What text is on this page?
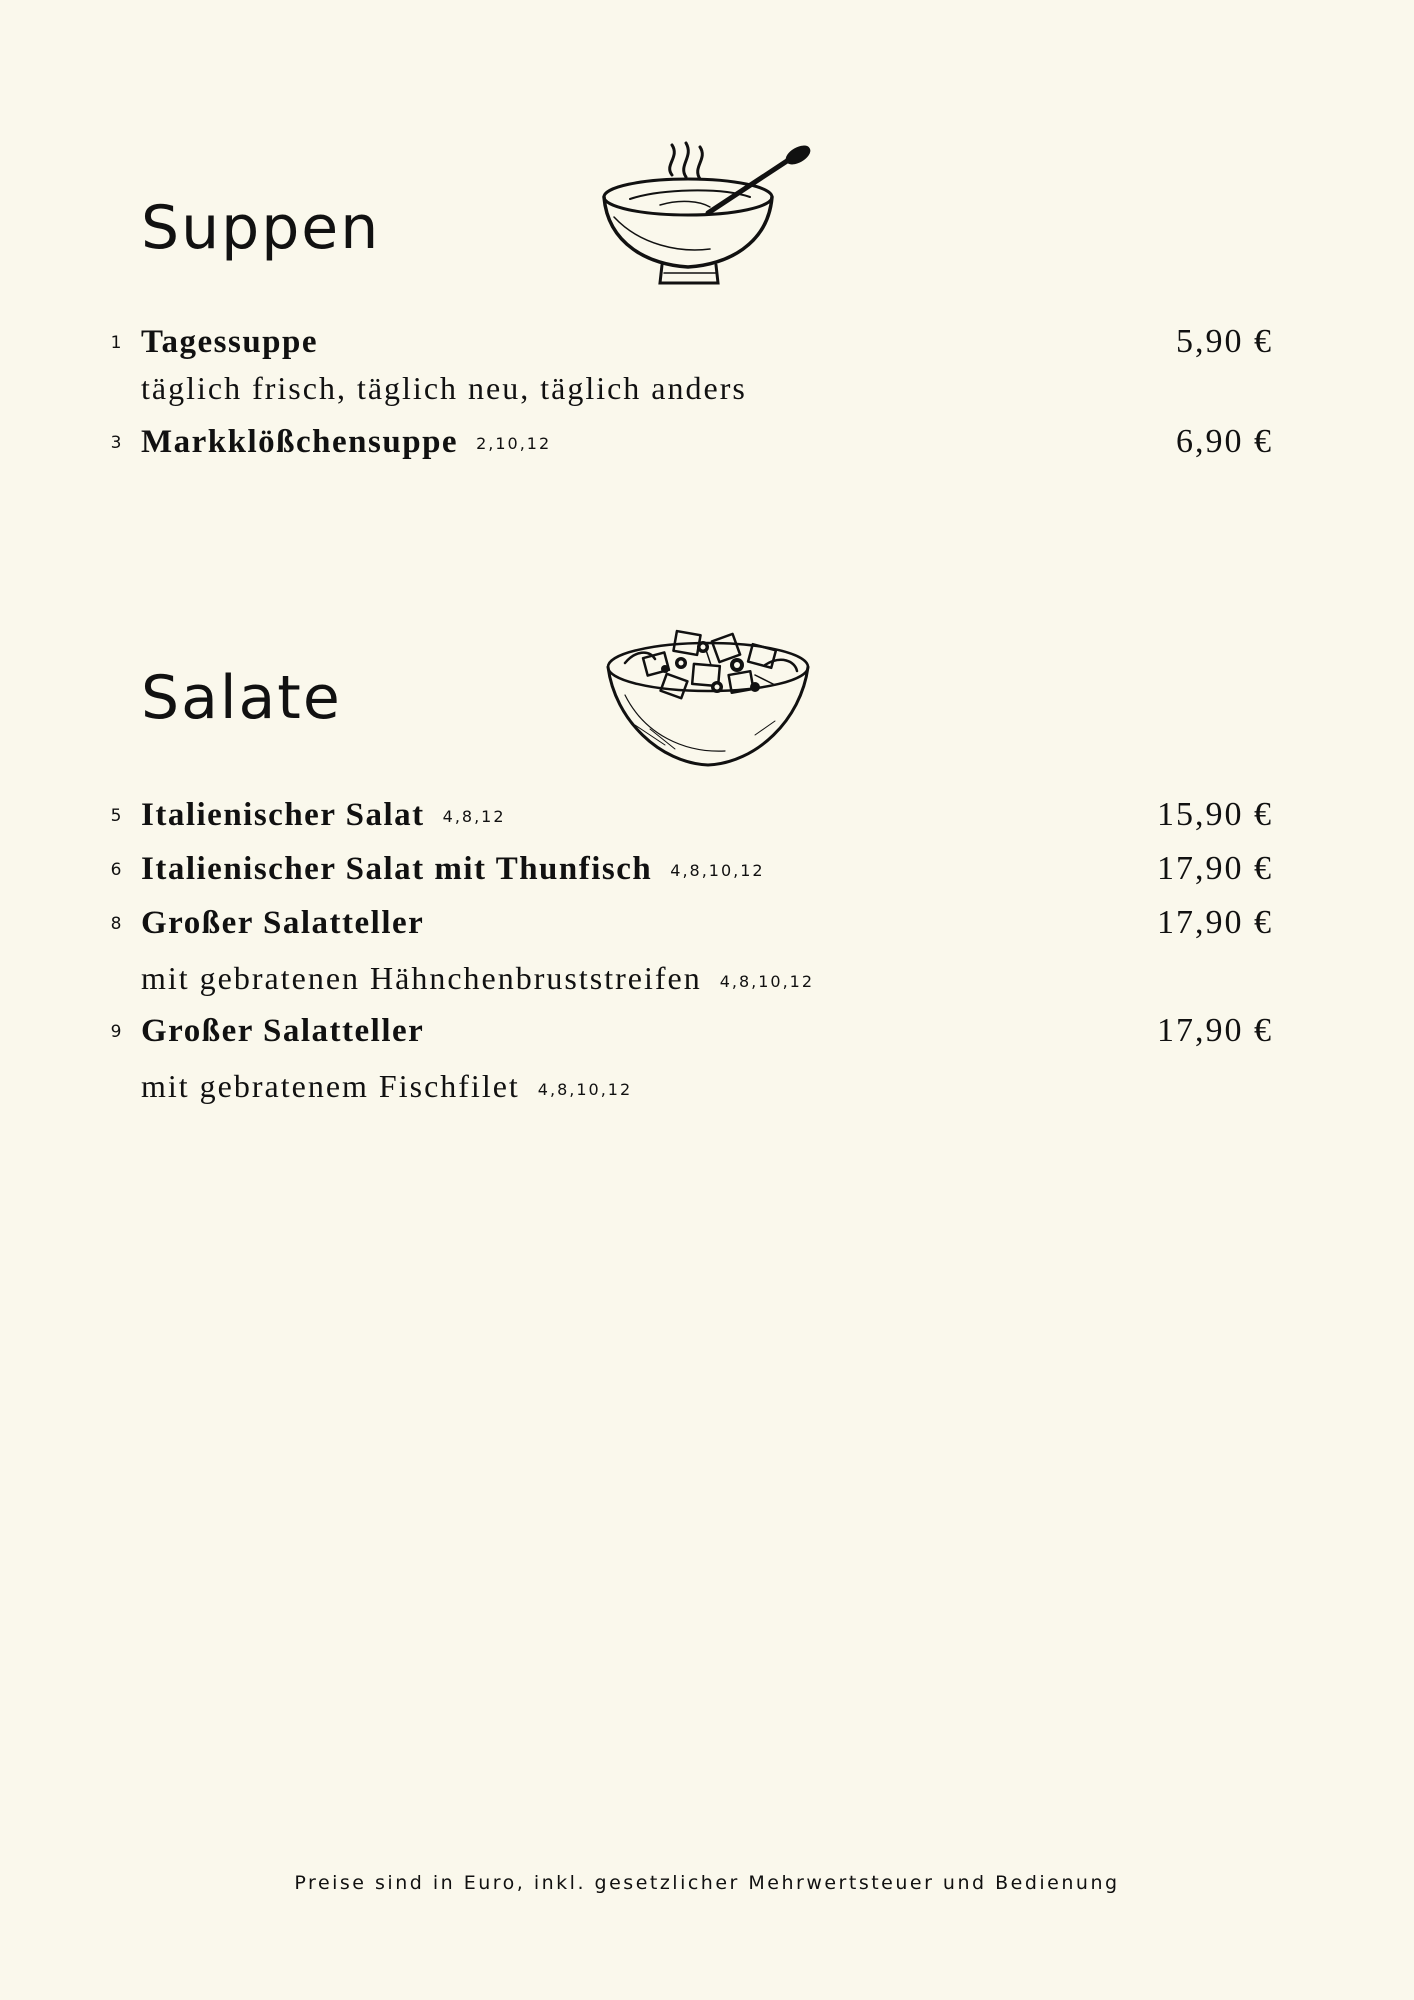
Suppen
1 Tagessuppe	5,90 €
täglich frisch, täglich neu, täglich anders
3 Markklößchensuppe 2,10,12	6,90 €
Salate
5 Italienischer Salat 4,8,12	15,90 €
6 Italienischer Salat mit Thunfisch 4,8,10,12	17,90 €
8 Großer Salatteller	17,90 €
mit gebratenen Hähnchenbruststreifen 4,8,10,12
9 Großer Salatteller	17,90 €
mit gebratenem Fischfilet 4,8,10,12
Preise sind in Euro, inkl. gesetzlicher Mehrwertsteuer und Bedienung
